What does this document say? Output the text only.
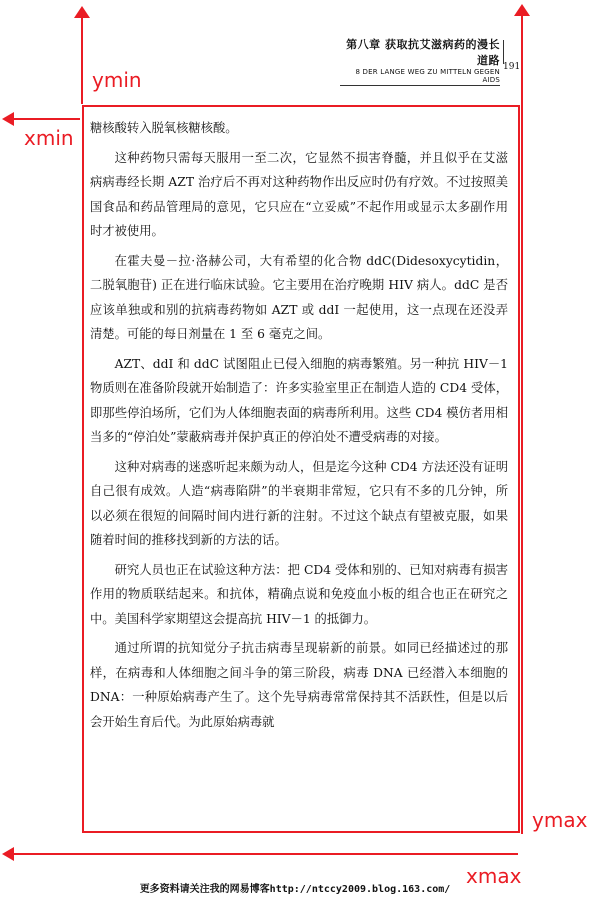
第八章 获取抗艾滋病药的漫长道路
8 DER LANGE WEG ZU MITTELN GEGEN AIDS
191
ymin
xmin
ymax
xmax

糖核酸转入脱氧核糖核酸。

这种药物只需每天服用一至二次，它显然不损害脊髓，并且似乎在艾滋病病毒经长期 AZT 治疗后不再对这种药物作出反应时仍有疗效。不过按照美国食品和药品管理局的意见，它只应在“立妥威”不起作用或显示太多副作用时才被使用。

在霍夫曼－拉·洛赫公司，大有希望的化合物 ddC(Didesoxycytidin，二脱氧胞苷) 正在进行临床试验。它主要用在治疗晚期 HIV 病人。ddC 是否应该单独或和别的抗病毒药物如 AZT 或 ddI 一起使用，这一点现在还没弄清楚。可能的每日剂量在 1 至 6 毫克之间。

AZT、ddI 和 ddC 试图阻止已侵入细胞的病毒繁殖。另一种抗 HIV－1 物质则在准备阶段就开始制造了：许多实验室里正在制造人造的 CD4 受体，即那些停泊场所，它们为人体细胞表面的病毒所利用。这些 CD4 模仿者用相当多的“停泊处”蒙蔽病毒并保护真正的停泊处不遭受病毒的对接。

这种对病毒的迷惑听起来颇为动人，但是迄今这种 CD4 方法还没有证明自己很有成效。人造“病毒陷阱”的半衰期非常短，它只有不多的几分钟，所以必须在很短的间隔时间内进行新的注射。不过这个缺点有望被克服，如果随着时间的推移找到新的方法的话。

研究人员也正在试验这种方法：把 CD4 受体和别的、已知对病毒有损害作用的物质联结起来。和抗体，精确点说和免疫血小板的组合也正在研究之中。美国科学家期望这会提高抗 HIV－1 的抵御力。

通过所谓的抗知觉分子抗击病毒呈现崭新的前景。如同已经描述过的那样，在病毒和人体细胞之间斗争的第三阶段，病毒 DNA 已经潜入本细胞的 DNA：一种原始病毒产生了。这个先导病毒常常保持其不活跃性，但是以后会开始生育后代。为此原始病毒就

更多资料请关注我的网易博客http://ntccy2009.blog.163.com/
